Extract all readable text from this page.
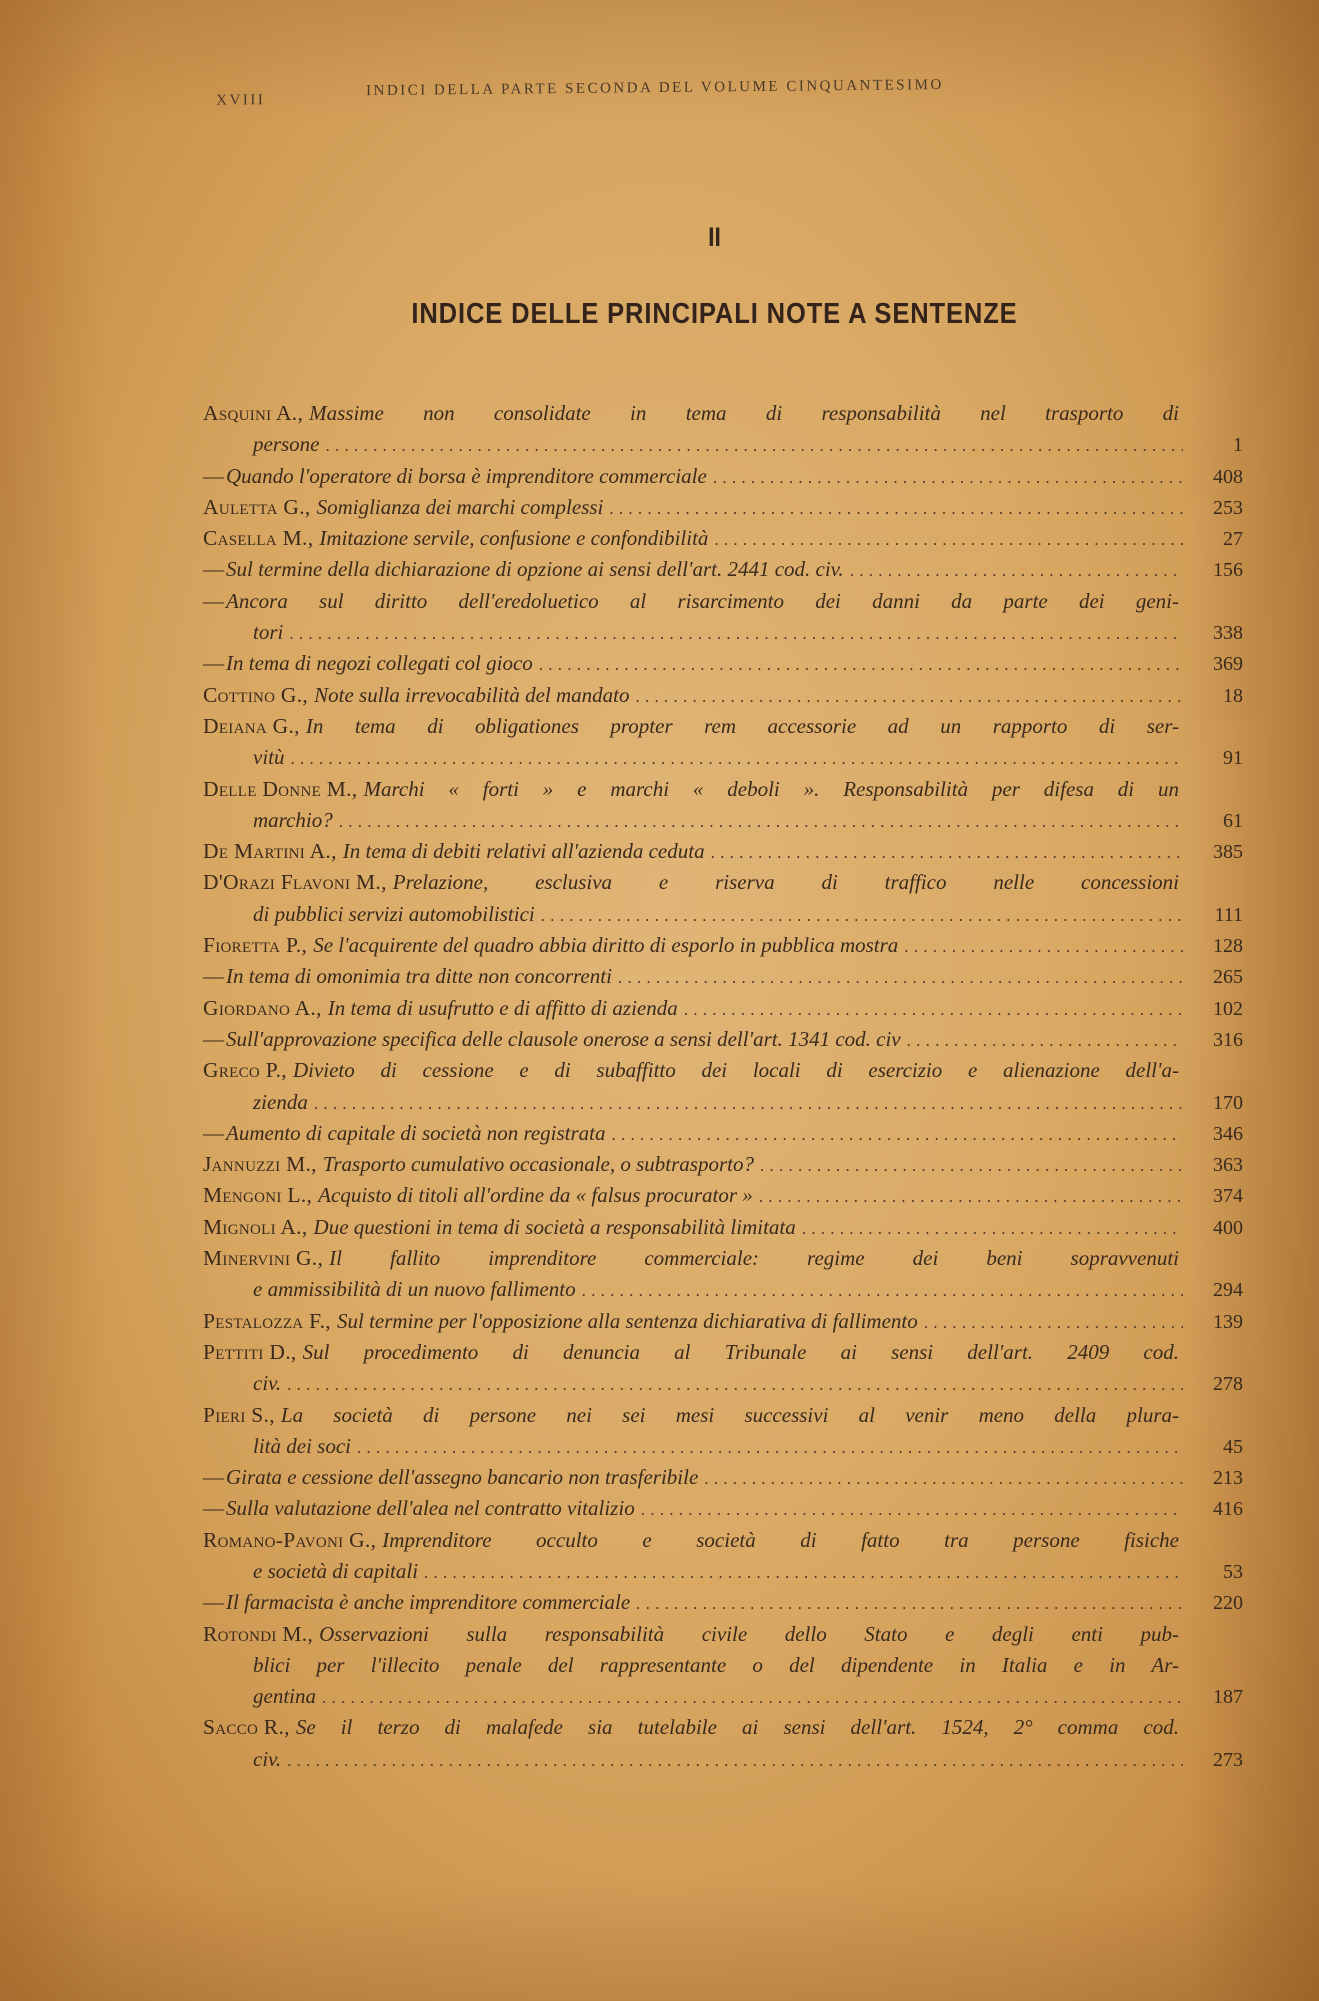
XVIII
INDICI DELLA PARTE SECONDA DEL VOLUME CINQUANTESIMO
II
INDICE DELLE PRINCIPALI NOTE A SENTENZE
Asquini A., Massime non consolidate in tema di responsabilità nel trasporto di
persone . . .	1
— Quando l'operatore di borsa è imprenditore commerciale . . .	408
Auletta G., Somiglianza dei marchi complessi . . .	253
Casella M., Imitazione servile, confusione e confondibilità . . .	27
— Sul termine della dichiarazione di opzione ai sensi dell'art. 2441 cod. civ. . . .	156
— Ancora sul diritto dell'eredoluetico al risarcimento dei danni da parte dei geni-
tori . . .	338
— In tema di negozi collegati col gioco . . .	369
Cottino G., Note sulla irrevocabilità del mandato . . .	18
Deiana G., In tema di obligationes propter rem accessorie ad un rapporto di ser-
vitù . . .	91
Delle Donne M., Marchi « forti » e marchi « deboli ». Responsabilità per difesa di un
marchio? . . .	61
De Martini A., In tema di debiti relativi all'azienda ceduta . . .	385
D'Orazi Flavoni M., Prelazione, esclusiva e riserva di traffico nelle concessioni
di pubblici servizi automobilistici . . .	111
Fioretta P., Se l'acquirente del quadro abbia diritto di esporlo in pubblica mostra . . .	128
— In tema di omonimia tra ditte non concorrenti . . .	265
Giordano A., In tema di usufrutto e di affitto di azienda . . .	102
— Sull'approvazione specifica delle clausole onerose a sensi dell'art. 1341 cod. civ . . .	316
Greco P., Divieto di cessione e di subaffitto dei locali di esercizio e alienazione dell'a-
zienda . . .	170
— Aumento di capitale di società non registrata . . .	346
Jannuzzi M., Trasporto cumulativo occasionale, o subtrasporto? . . .	363
Mengoni L., Acquisto di titoli all'ordine da « falsus procurator » . . .	374
Mignoli A., Due questioni in tema di società a responsabilità limitata . . .	400
Minervini G., Il fallito imprenditore commerciale: regime dei beni sopravvenuti
e ammissibilità di un nuovo fallimento . . .	294
Pestalozza F., Sul termine per l'opposizione alla sentenza dichiarativa di fallimento . . .	139
Pettiti D., Sul procedimento di denuncia al Tribunale ai sensi dell'art. 2409 cod.
civ. . . .	278
Pieri S., La società di persone nei sei mesi successivi al venir meno della plura-
lità dei soci . . .	45
— Girata e cessione dell'assegno bancario non trasferibile . . .	213
— Sulla valutazione dell'alea nel contratto vitalizio . . .	416
Romano-Pavoni G., Imprenditore occulto e società di fatto tra persone fisiche
e società di capitali . . .	53
— Il farmacista è anche imprenditore commerciale . . .	220
Rotondi M., Osservazioni sulla responsabilità civile dello Stato e degli enti pub-
blici per l'illecito penale del rappresentante o del dipendente in Italia e in Ar-
gentina . . .	187
Sacco R., Se il terzo di malafede sia tutelabile ai sensi dell'art. 1524, 2° comma cod.
civ. . . .	273
